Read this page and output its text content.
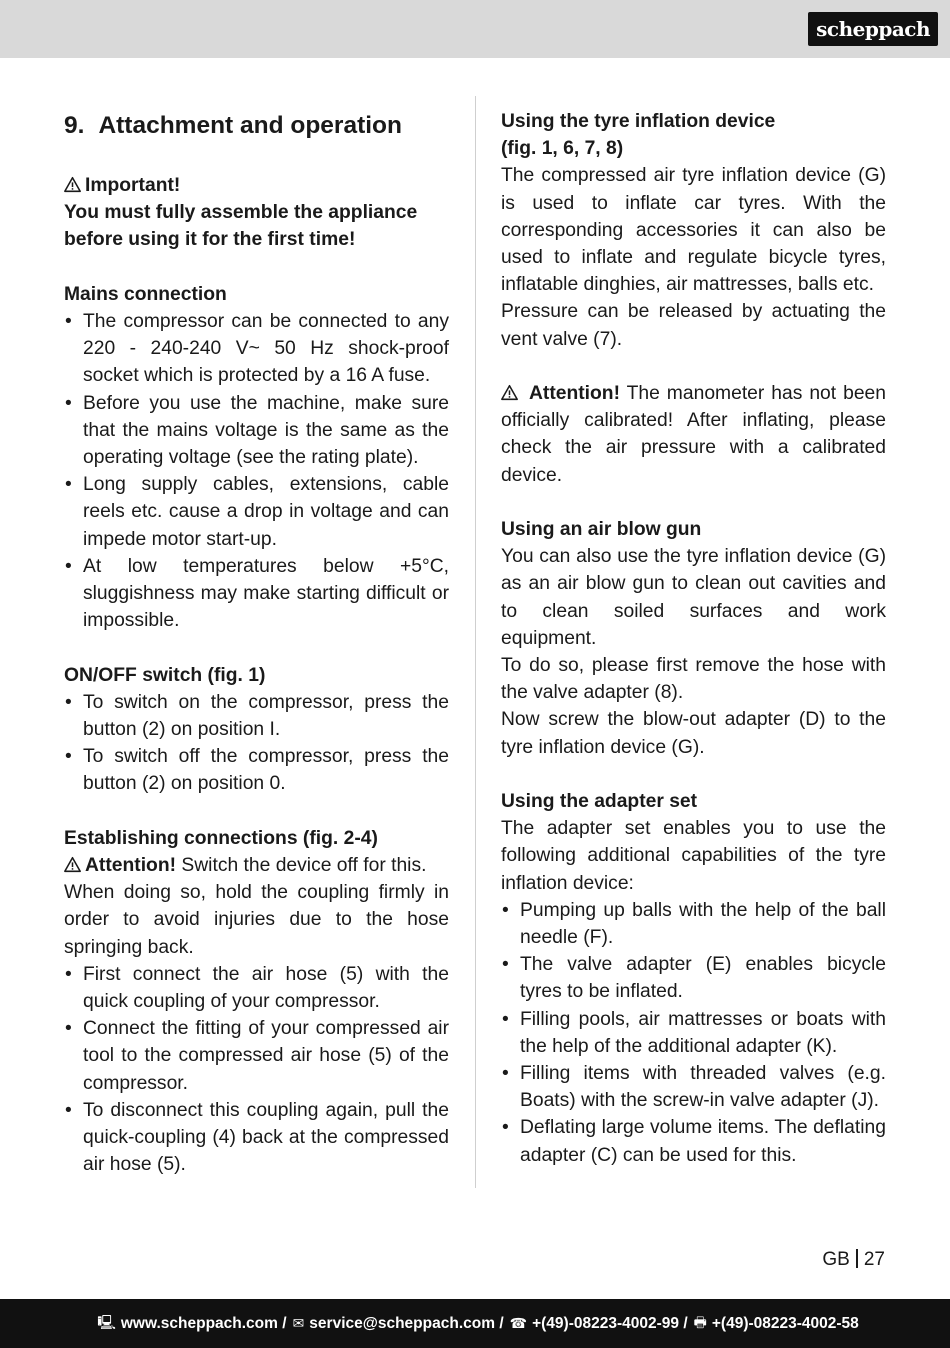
scheppach
9. Attachment and operation

Important!

You must fully assemble the appliance before using it for the first time!

Mains connection

• The compressor can be connected to any 220 - 240-240 V~ 50 Hz shock-proof socket which is protected by a 16 A fuse.
• Before you use the machine, make sure that the mains voltage is the same as the operating voltage (see the rating plate).
• Long supply cables, extensions, cable reels etc. cause a drop in voltage and can impede motor start-up.
• At low temperatures below +5°C, sluggishness may make starting difficult or impossible.

ON/OFF switch (fig. 1)

• To switch on the compressor, press the button (2) on position I.
• To switch off the compressor, press the button (2) on position 0.

Establishing connections (fig. 2-4)

Attention! Switch the device off for this.

When doing so, hold the coupling firmly in order to avoid injuries due to the hose springing back.

• First connect the air hose (5) with the quick coupling of your compressor.
• Connect the fitting of your compressed air tool to the compressed air hose (5) of the compressor.
• To disconnect this coupling again, pull the quick-coupling (4) back at the compressed air hose (5).

Using the tyre inflation device

(fig. 1, 6, 7, 8)

The compressed air tyre inflation device (G) is used to inflate car tyres. With the corresponding accessories it can also be used to inflate and regulate bicycle tyres, inflatable dinghies, air mattresses, balls etc.

Pressure can be released by actuating the vent valve (7).

Attention! The manometer has not been officially calibrated! After inflating, please check the air pressure with a calibrated device.

Using an air blow gun

You can also use the tyre inflation device (G) as an air blow gun to clean out cavities and to clean soiled surfaces and work equipment.

To do so, please first remove the hose with the valve adapter (8).

Now screw the blow-out adapter (D) to the tyre inflation device (G).

Using the adapter set

The adapter set enables you to use the following additional capabilities of the tyre inflation device:

• Pumping up balls with the help of the ball needle (F).
• The valve adapter (E) enables bicycle tyres to be inflated.
• Filling pools, air mattresses or boats with the help of the additional adapter (K).
• Filling items with threaded valves (e.g. Boats) with the screw-in valve adapter (J).
• Deflating large volume items. The deflating adapter (C) can be used for this.
GB 27
🖳 www.scheppach.com
/ ✉ service@scheppach.com
/ ☎ +(49)-08223-4002-99
/ 🖶 +(49)-08223-4002-58
